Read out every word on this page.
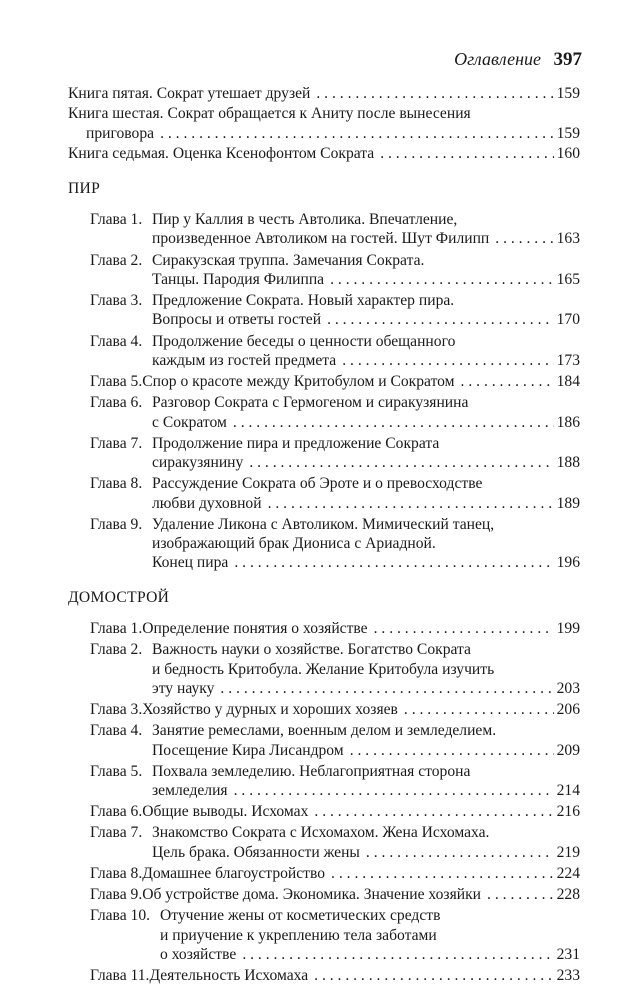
Оглавление 397
Книга пятая. Сократ утешает друзей . . .	159
Книга шестая. Сократ обращается к Аниту после вынесения
приговора . . .	159
Книга седьмая. Оценка Ксенофонтом Сократа . . .	160
ПИР
Глава 1. Пир у Каллия в честь Автолика. Впечатление,
произведенное Автоликом на гостей. Шут Филипп . . .	163
Глава 2. Сиракузская труппа. Замечания Сократа.
Танцы. Пародия Филиппа . . .	165
Глава 3. Предложение Сократа. Новый характер пира.
Вопросы и ответы гостей . . .	170
Глава 4. Продолжение беседы о ценности обещанного
каждым из гостей предмета . . .	173
Глава 5. Спор о красоте между Критобулом и Сократом . . .	184
Глава 6. Разговор Сократа с Гермогеном и сиракузянина
с Сократом . . .	186
Глава 7. Продолжение пира и предложение Сократа
сиракузянину . . .	188
Глава 8. Рассуждение Сократа об Эроте и о превосходстве
любви духовной . . .	189
Глава 9. Удаление Ликона с Автоликом. Мимический танец,
изображающий брак Диониса с Ариадной.
Конец пира . . .	196
ДОМОСТРОЙ
Глава 1. Определение понятия о хозяйстве . . .	199
Глава 2. Важность науки о хозяйстве. Богатство Сократа
и бедность Критобула. Желание Критобула изучить
эту науку . . .	203
Глава 3. Хозяйство у дурных и хороших хозяев . . .	206
Глава 4. Занятие ремеслами, военным делом и земледелием.
Посещение Кира Лисандром . . .	209
Глава 5. Похвала земледелию. Неблагоприятная сторона
земледелия . . .	214
Глава 6. Общие выводы. Исхомах . . .	216
Глава 7. Знакомство Сократа с Исхомахом. Жена Исхомаха.
Цель брака. Обязанности жены . . .	219
Глава 8. Домашнее благоустройство . . .	224
Глава 9. Об устройстве дома. Экономика. Значение хозяйки . . .	228
Глава 10. Отучение жены от косметических средств
и приучение к укреплению тела заботами
о хозяйстве . . .	231
Глава 11. Деятельность Исхомаха . . .	233
